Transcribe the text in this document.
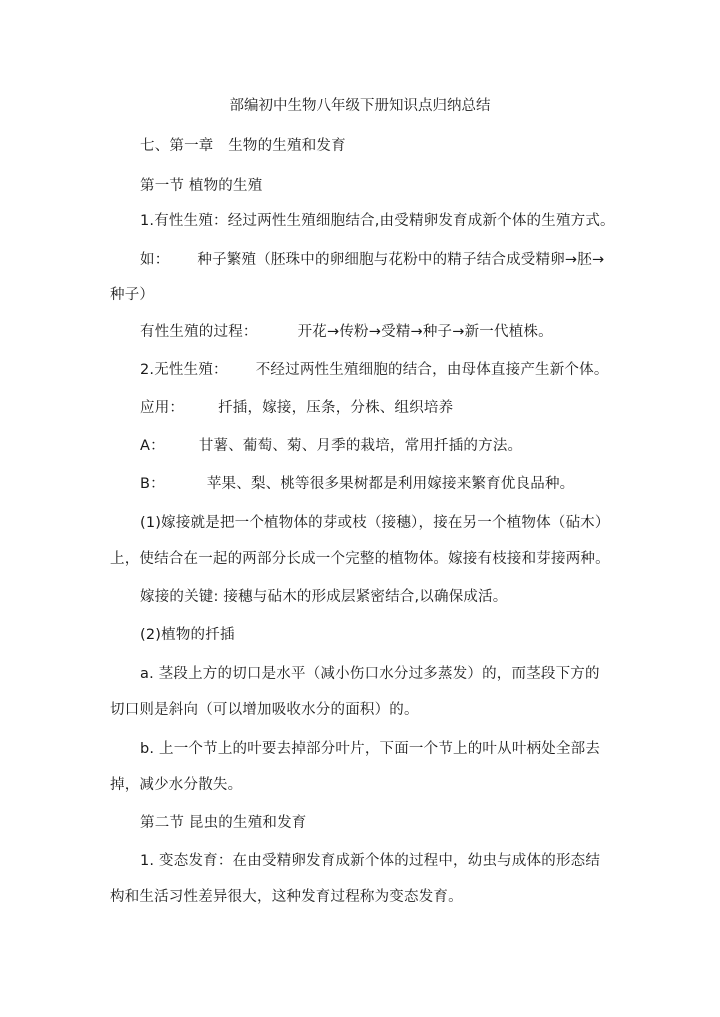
部编初中生物八年级下册知识点归纳总结
七、第一章　生物的生殖和发育
第一节 植物的生殖
1.有性生殖：经过两性生殖细胞结合,由受精卵发育成新个体的生殖方式。
如： 种子繁殖（胚珠中的卵细胞与花粉中的精子结合成受精卵→胚→
种子）
有性生殖的过程：	开花→传粉→受精→种子→新一代植株。
2.无性生殖： 不经过两性生殖细胞的结合，由母体直接产生新个体。
应用： 扦插，嫁接，压条，分株、组织培养
A： 甘薯、葡萄、菊、月季的栽培，常用扦插的方法。
B：	苹果、梨、桃等很多果树都是利用嫁接来繁育优良品种。
(1)嫁接就是把一个植物体的芽或枝（接穗），接在另一个植物体（砧木）
上，使结合在一起的两部分长成一个完整的植物体。嫁接有枝接和芽接两种。
嫁接的关键: 接穗与砧木的形成层紧密结合,以确保成活。
(2)植物的扦插
a. 茎段上方的切口是水平（减小伤口水分过多蒸发）的，而茎段下方的
切口则是斜向（可以增加吸收水分的面积）的。
b. 上一个节上的叶要去掉部分叶片，下面一个节上的叶从叶柄处全部去
掉，减少水分散失。
第二节 昆虫的生殖和发育
1. 变态发育：在由受精卵发育成新个体的过程中，幼虫与成体的形态结
构和生活习性差异很大，这种发育过程称为变态发育。
